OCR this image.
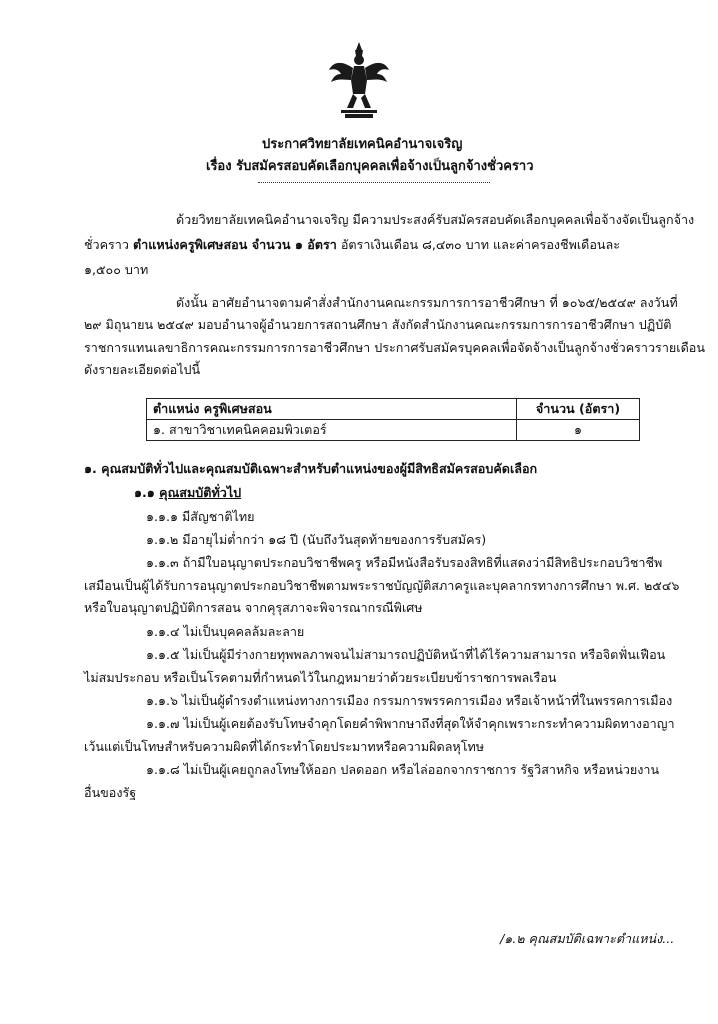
ประกาศวิทยาลัยเทคนิคอำนาจเจริญ
เรื่อง รับสมัครสอบคัดเลือกบุคคลเพื่อจ้างเป็นลูกจ้างชั่วคราว
ด้วยวิทยาลัยเทคนิคอำนาจเจริญ มีความประสงค์รับสมัครสอบคัดเลือกบุคคลเพื่อจ้างจัดเป็นลูกจ้าง
ชั่วคราว ตำแหน่งครูพิเศษสอน จำนวน ๑ อัตรา อัตราเงินเดือน ๘,๔๓๐ บาท และค่าครองชีพเดือนละ
๑,๕๐๐ บาท
ดังนั้น อาศัยอำนาจตามคำสั่งสำนักงานคณะกรรมการการอาชีวศึกษา ที่ ๑๐๖๕/๒๕๔๙ ลงวันที่
๒๙ มิถุนายน ๒๕๔๙ มอบอำนาจผู้อำนวยการสถานศึกษา สังกัดสำนักงานคณะกรรมการการอาชีวศึกษา ปฏิบัติ
ราชการแทนเลขาธิการคณะกรรมการการอาชีวศึกษา ประกาศรับสมัครบุคคลเพื่อจัดจ้างเป็นลูกจ้างชั่วคราวรายเดือน
ดังรายละเอียดต่อไปนี้
ตำแหน่ง ครูพิเศษสอน	จำนวน (อัตรา)
๑. สาขาวิชาเทคนิคคอมพิวเตอร์	๑
๑. คุณสมบัติทั่วไปและคุณสมบัติเฉพาะสำหรับตำแหน่งของผู้มีสิทธิสมัครสอบคัดเลือก
๑.๑ คุณสมบัติทั่วไป
๑.๑.๑ มีสัญชาติไทย
๑.๑.๒ มีอายุไม่ต่ำกว่า ๑๘ ปี (นับถึงวันสุดท้ายของการรับสมัคร)
๑.๑.๓ ถ้ามีใบอนุญาตประกอบวิชาชีพครู หรือมีหนังสือรับรองสิทธิที่แสดงว่ามีสิทธิประกอบวิชาชีพ
เสมือนเป็นผู้ได้รับการอนุญาตประกอบวิชาชีพตามพระราชบัญญัติสภาครูและบุคลากรทางการศึกษา พ.ศ. ๒๕๔๖
หรือใบอนุญาตปฏิบัติการสอน จากคุรุสภาจะพิจารณากรณีพิเศษ
๑.๑.๔ ไม่เป็นบุคคลล้มละลาย
๑.๑.๕ ไม่เป็นผู้มีร่างกายทุพพลภาพจนไม่สามารถปฏิบัติหน้าที่ได้ไร้ความสามารถ หรือจิตฟั่นเฟือน
ไม่สมประกอบ หรือเป็นโรคตามที่กำหนดไว้ในกฎหมายว่าด้วยระเบียบข้าราชการพลเรือน
๑.๑.๖ ไม่เป็นผู้ดำรงตำแหน่งทางการเมือง กรรมการพรรคการเมือง หรือเจ้าหน้าที่ในพรรคการเมือง
๑.๑.๗ ไม่เป็นผู้เคยต้องรับโทษจำคุกโดยคำพิพากษาถึงที่สุดให้จำคุกเพราะกระทำความผิดทางอาญา
เว้นแต่เป็นโทษสำหรับความผิดที่ได้กระทำโดยประมาทหรือความผิดลหุโทษ
๑.๑.๘ ไม่เป็นผู้เคยถูกลงโทษให้ออก ปลดออก หรือไล่ออกจากราชการ รัฐวิสาหกิจ หรือหน่วยงาน
อื่นของรัฐ
/๑.๒ คุณสมบัติเฉพาะตำแหน่ง...
